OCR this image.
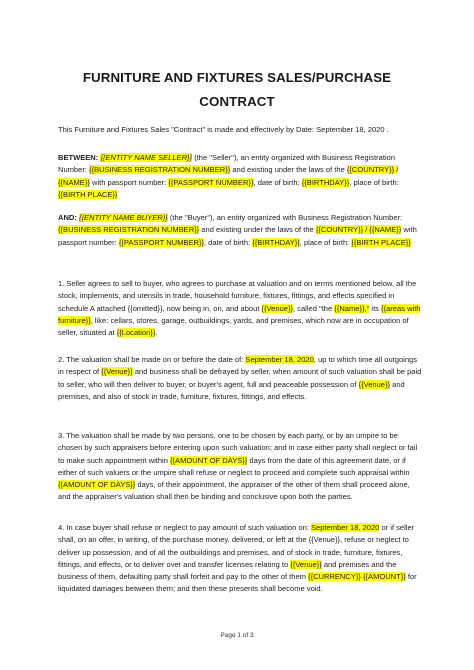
FURNITURE AND FIXTURES SALES/PURCHASE
CONTRACT
This Furniture and Fixtures Sales "Contract" is made and effectively by Date: September 18, 2020 .
BETWEEN: {{ENTITY NAME SELLER}} (the "Seller"), an entity organized with Business Registration Number: {{BUSINESS REGISTRATION NUMBER}} and existing under the laws of the {{COUNTRY}} / {{NAME}} with passport number: {{PASSPORT NUMBER}}, date of birth: {{BIRTHDAY}}, place of birth: {{BIRTH PLACE}}
AND: {{ENTITY NAME BUYER}} (the "Buyer"), an entity organized with Business Registration Number: {{BUSINESS REGISTRATION NUMBER}} and existing under the laws of the {{COUNTRY}} / {{NAME}} with passport number: {{PASSPORT NUMBER}}, date of birth: {{BIRTHDAY}}, place of birth: {{BIRTH PLACE}}
1. Seller agrees to sell to buyer, who agrees to purchase at valuation and on terms mentioned below, all the stock, implements, and utensils in trade, household furniture, fixtures, fittings, and effects specified in schedule A attached {{omitted}}, now being in, on, and about {{Venue}}, called "the {{Name}}," its {{areas with furniture}}, like: cellars, stores, garage, outbuildings, yards, and premises, which now are in occupation of seller, situated at {{Location}}.
2. The valuation shall be made on or before the date of: September 18, 2020, up to which time all outgoings in respect of {{Venue}} and business shall be defrayed by seller, when amount of such valuation shall be paid to seller, who will then deliver to buyer, or buyer's agent, full and peaceable possession of {{Venue}} and premises, and also of stock in trade, furniture, fixtures, fittings, and effects.
3. The valuation shall be made by two persons, one to be chosen by each party, or by an umpire to be chosen by such appraisers before entering upon such valuation; and in case either party shall neglect or fail to make such appointment within {{AMOUNT OF DAYS}} days from the date of this agreement date, or if either of such valuers or the umpire shall refuse or neglect to proceed and complete such appraisal within {{AMOUNT OF DAYS}} days, of their appointment, the appraiser of the other of them shall proceed alone, and the appraiser's valuation shall then be binding and conclusive upon both the parties.
4. In case buyer shall refuse or neglect to pay amount of such valuation on: September 18, 2020 or if seller shall, on an offer, in writing, of the purchase money, delivered, or left at the {{Venue}}, refuse or neglect to deliver up possession, and of all the outbuildings and premises, and of stock in trade, furniture, fixtures, fittings, and effects, or to deliver over and transfer licenses relating to {{Venue}} and premises and the business of them, defaulting party shall forfeit and pay to the other of them {{CURRENCY}} {{AMOUNT}} for liquidated damages between them; and then these presents shall become void.
Page 1 of 3
